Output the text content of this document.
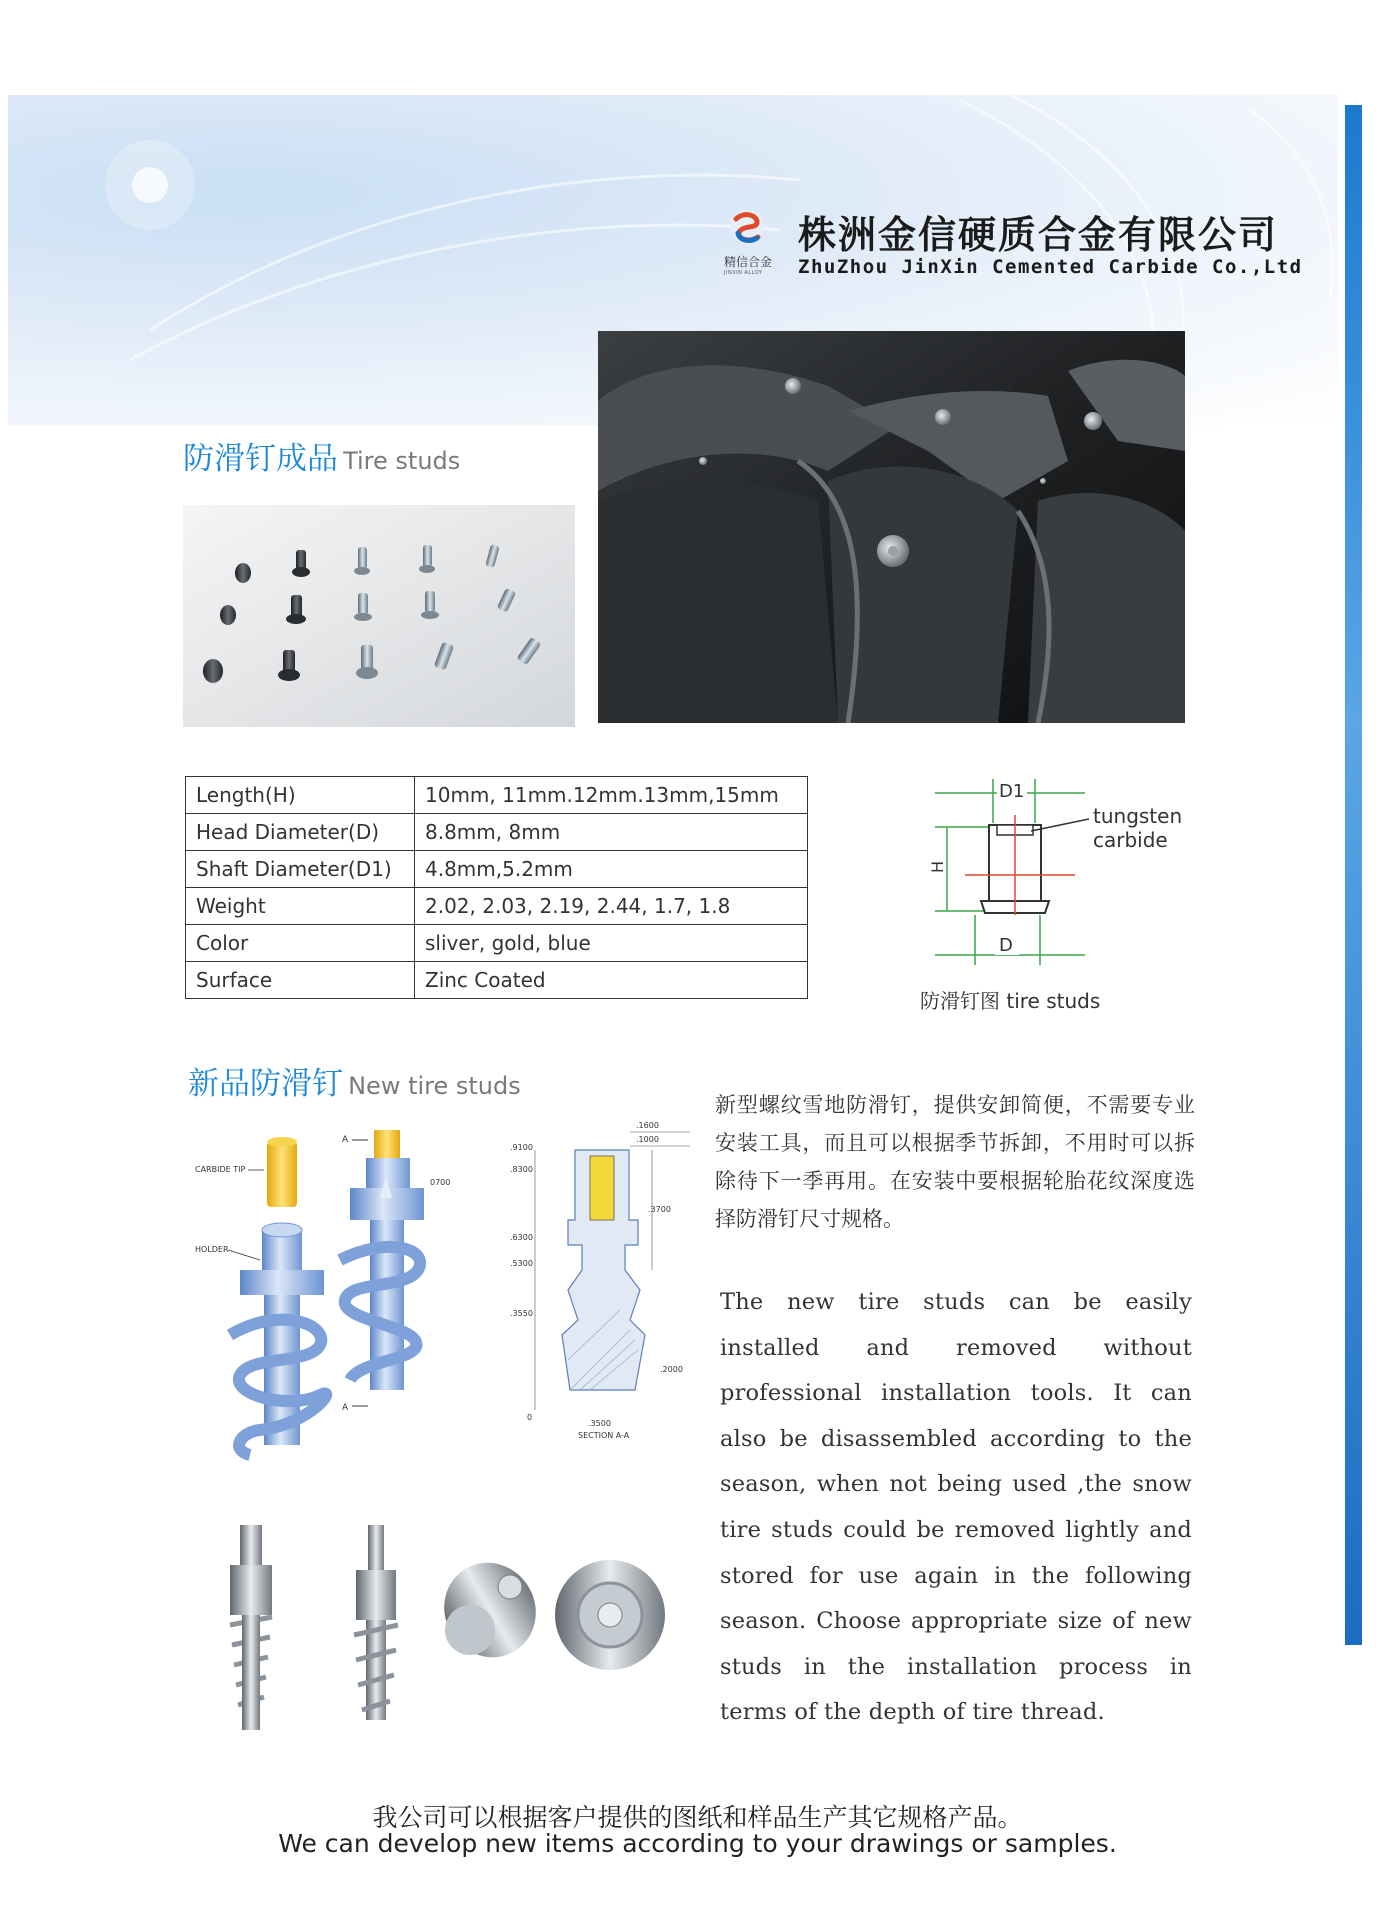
精信合金
JINXIN ALLOY
株洲金信硬质合金有限公司
ZhuZhou JinXin Cemented Carbide Co.,Ltd
防滑钉成品 Tire studs
Length(H)	10mm, 11mm.12mm.13mm,15mm
Head Diameter(D)	8.8mm, 8mm
Shaft Diameter(D1)	4.8mm,5.2mm
Weight	2.02, 2.03, 2.19, 2.44, 1.7, 1.8
Color	sliver, gold, blue
Surface	Zinc Coated
D1
H
D
tungsten
carbide
防滑钉图 tire studs
新品防滑钉 New tire studs
CARBIDE TIP
HOLDER
A
A
0700
.9100
.8300
.6300
.5300
.3550
0
.1600
.1000
.3700
.2000
.3500
SECTION A-A
新型螺纹雪地防滑钉，提供安卸简便，不需要专业安装工具，而且可以根据季节拆卸，不用时可以拆除待下一季再用。在安装中要根据轮胎花纹深度选择防滑钉尺寸规格。
The new tire studs can be easily installed and removed without professional installation tools. It can also be disassembled according to the season, when not being used ,the snow tire studs could be removed lightly and stored for use again in the following season. Choose appropriate size of new studs in the installation process in terms of the depth of tire thread.
我公司可以根据客户提供的图纸和样品生产其它规格产品。
We can develop new items according to your drawings or samples.
